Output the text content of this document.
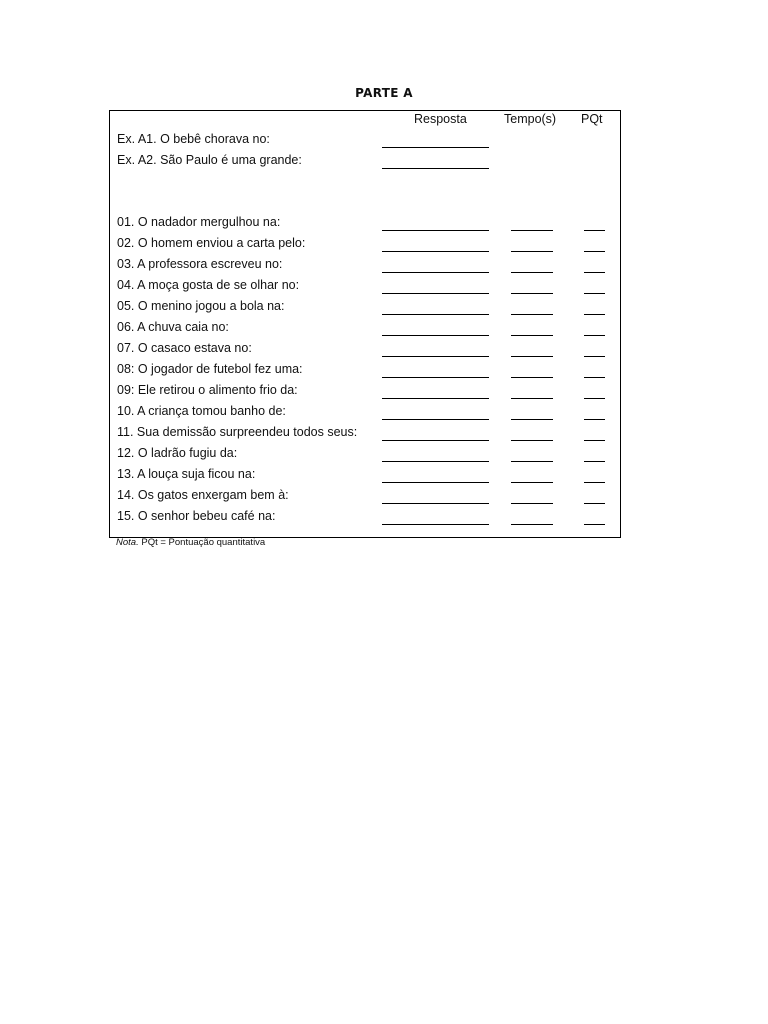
PARTE A
Resposta	Tempo(s) PQt
Ex. A1. O bebê chorava no:
Ex. A2. São Paulo é uma grande:
01. O nadador mergulhou na:
02. O homem enviou a carta pelo:
03. A professora escreveu no:
04. A moça gosta de se olhar no:
05. O menino jogou a bola na:
06. A chuva caia no:
07. O casaco estava no:
08: O jogador de futebol fez uma:
09: Ele retirou o alimento frio da:
10. A criança tomou banho de:
11. Sua demissão surpreendeu todos seus:
12. O ladrão fugiu da:
13. A louça suja ficou na:
14. Os gatos enxergam bem à:
15. O senhor bebeu café na:
Nota. PQt = Pontuação quantitativa
